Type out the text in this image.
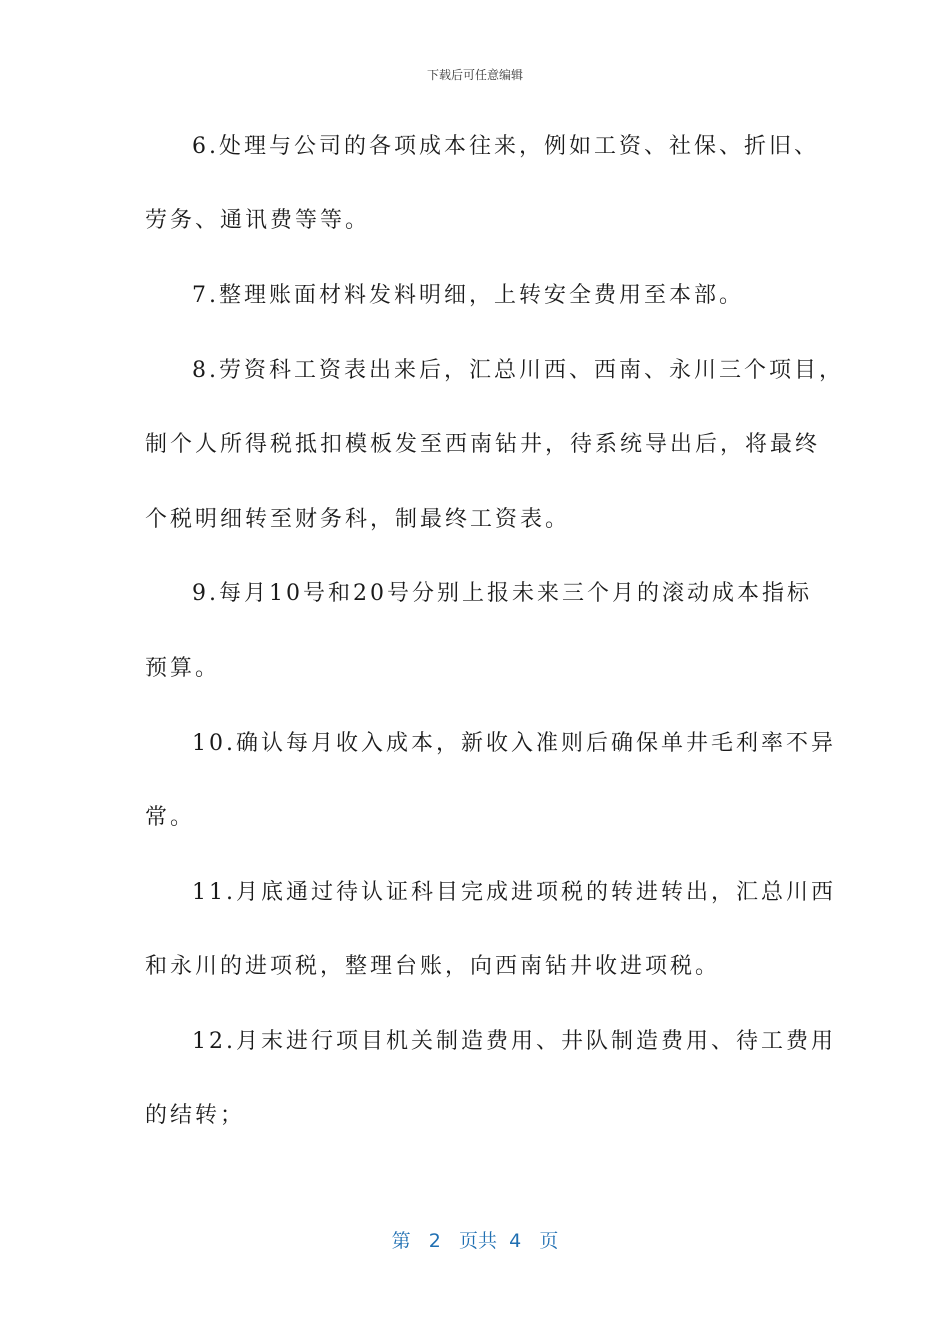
下载后可任意编辑
6.处理与公司的各项成本往来，例如工资、社保、折旧、
劳务、通讯费等等。
7.整理账面材料发料明细，上转安全费用至本部。
8.劳资科工资表出来后，汇总川西、西南、永川三个项目，
制个人所得税抵扣模板发至西南钻井，待系统导出后，将最终
个税明细转至财务科，制最终工资表。
9.每月10号和20号分别上报未来三个月的滚动成本指标
预算。
10.确认每月收入成本，新收入准则后确保单井毛利率不异
常。
11.月底通过待认证科目完成进项税的转进转出，汇总川西
和永川的进项税，整理台账，向西南钻井收进项税。
12.月末进行项目机关制造费用、井队制造费用、待工费用
的结转；
第 2 页共 4 页
